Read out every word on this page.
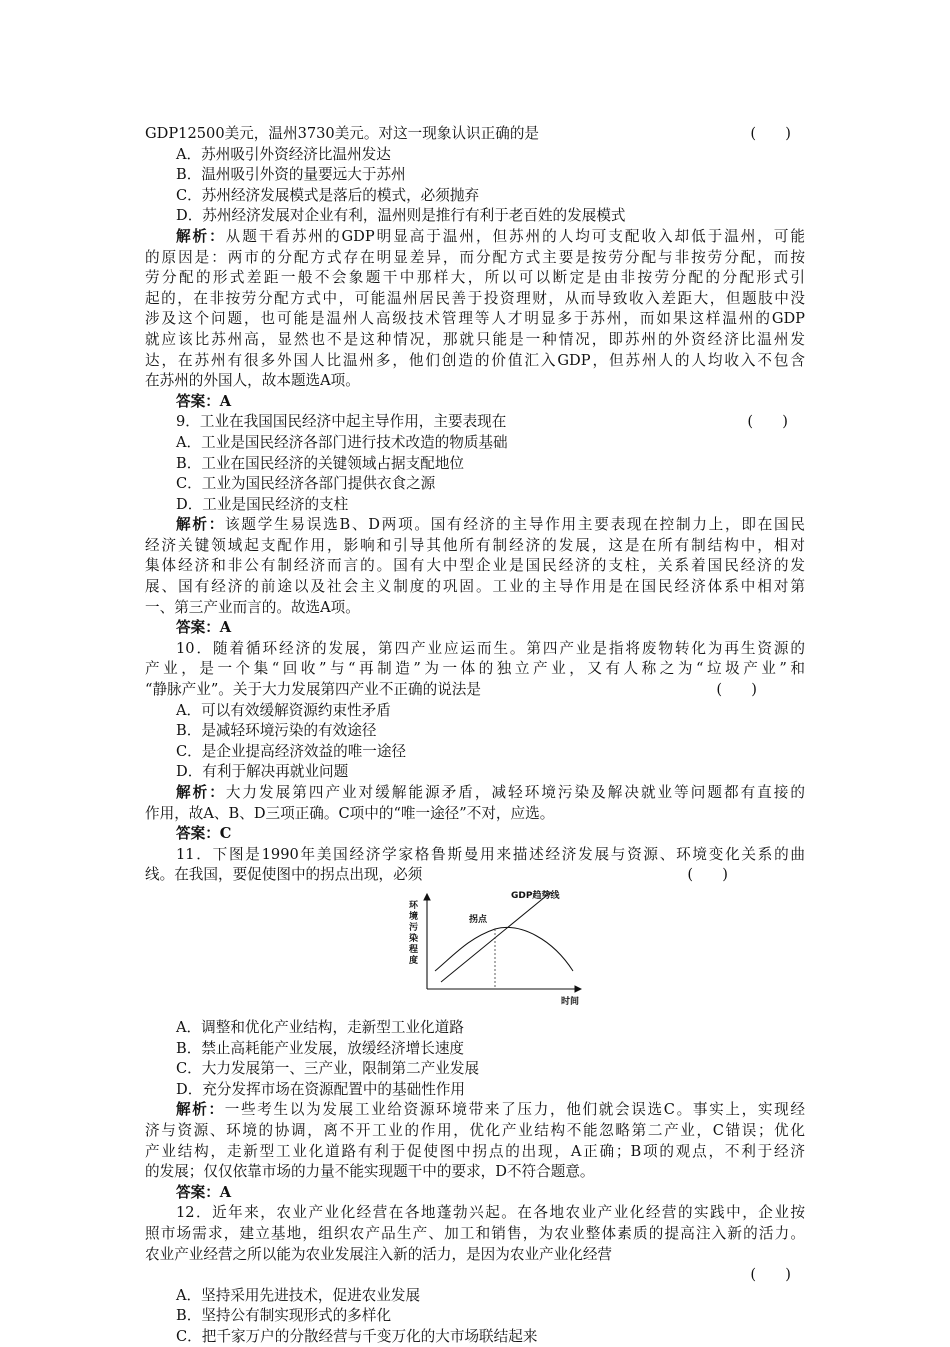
GDP12500美元，温州3730美元。对这一现象认识正确的是	(　　)
A．苏州吸引外资经济比温州发达
B．温州吸引外资的量要远大于苏州
C．苏州经济发展模式是落后的模式，必须抛弃
D．苏州经济发展对企业有利，温州则是推行有利于老百姓的发展模式
解析：从题干看苏州的GDP明显高于温州，但苏州的人均可支配收入却低于温州，可能
的原因是：两市的分配方式存在明显差异，而分配方式主要是按劳分配与非按劳分配，而按
劳分配的形式差距一般不会象题干中那样大，所以可以断定是由非按劳分配的分配形式引
起的，在非按劳分配方式中，可能温州居民善于投资理财，从而导致收入差距大，但题肢中没
涉及这个问题，也可能是温州人高级技术管理等人才明显多于苏州，而如果这样温州的GDP
就应该比苏州高，显然也不是这种情况，那就只能是一种情况，即苏州的外资经济比温州发
达，在苏州有很多外国人比温州多，他们创造的价值汇入GDP，但苏州人的人均收入不包含
在苏州的外国人，故本题选A项。
答案：A
9．工业在我国国民经济中起主导作用，主要表现在	(　　)
A．工业是国民经济各部门进行技术改造的物质基础
B．工业在国民经济的关键领域占据支配地位
C．工业为国民经济各部门提供衣食之源
D．工业是国民经济的支柱
解析：该题学生易误选B、D两项。国有经济的主导作用主要表现在控制力上，即在国民
经济关键领域起支配作用，影响和引导其他所有制经济的发展，这是在所有制结构中，相对
集体经济和非公有制经济而言的。国有大中型企业是国民经济的支柱，关系着国民经济的发
展、国有经济的前途以及社会主义制度的巩固。工业的主导作用是在国民经济体系中相对第
一、第三产业而言的。故选A项。
答案：A
10．随着循环经济的发展，第四产业应运而生。第四产业是指将废物转化为再生资源的
产业，是一个集“回收”与“再制造”为一体的独立产业，又有人称之为“垃圾产业”和
“静脉产业”。关于大力发展第四产业不正确的说法是	(　　)
A．可以有效缓解资源约束性矛盾
B．是减轻环境污染的有效途径
C．是企业提高经济效益的唯一途径
D．有利于解决再就业问题
解析：大力发展第四产业对缓解能源矛盾，减轻环境污染及解决就业等问题都有直接的
作用，故A、B、D三项正确。C项中的“唯一途径”不对，应选。
答案：C
11．下图是1990年美国经济学家格鲁斯曼用来描述经济发展与资源、环境变化关系的曲
线。在我国，要促使图中的拐点出现，必须	(　　)
环
境
污
染
程
度
时间
GDP趋势线
拐点
A．调整和优化产业结构，走新型工业化道路
B．禁止高耗能产业发展，放缓经济增长速度
C．大力发展第一、三产业，限制第二产业发展
D．充分发挥市场在资源配置中的基础性作用
解析：一些考生以为发展工业给资源环境带来了压力，他们就会误选C。事实上，实现经
济与资源、环境的协调，离不开工业的作用，优化产业结构不能忽略第二产业，C错误；优化
产业结构，走新型工业化道路有利于促使图中拐点的出现，A正确；B项的观点，不利于经济
的发展；仅仅依靠市场的力量不能实现题干中的要求，D不符合题意。
答案：A
12．近年来，农业产业化经营在各地蓬勃兴起。在各地农业产业化经营的实践中，企业按
照市场需求，建立基地，组织农产品生产、加工和销售，为农业整体素质的提高注入新的活力。
农业产业经营之所以能为农业发展注入新的活力，是因为农业产业化经营
(　　)
A．坚持采用先进技术，促进农业发展
B．坚持公有制实现形式的多样化
C．把千家万户的分散经营与千变万化的大市场联结起来
